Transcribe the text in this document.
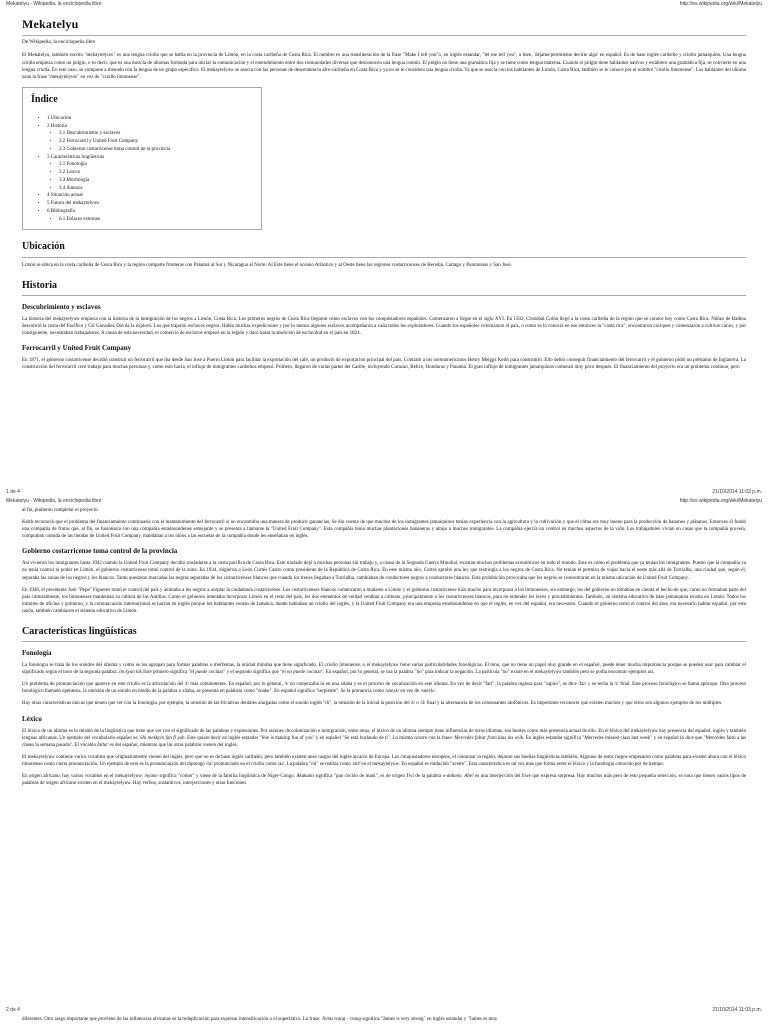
Mekatelyu - Wikipedia, la enciclopedia libre	http://es.wikipedia.org/wiki/Mekatelyu
Mekatelyu
De Wikipedia, la enciclopedia libre

El Mekatelyu, también escrito "mekaytelyuw" es una lengua criolla que se habla en la provincia de Limón, en la costa caribeña de Costa Rica. El nombre es una transliteración de la frase "Make I tell you"o, en inglés estandar, "let me tell you", o bien, 'déjame/permíteme decirte algo' en español. Es de base inglés caribeño y criollo jamaiquino. Una lengua criolla empieza como un pidgin, o es decir, que es una mezcla de idiomas formada para iniciar la comunicación y el entendimiento entre dos comunidades diversas que desconocen una lengua común. El pidgin no tiene una gramática fija y se tiene como lengua materna. Cuando el pidgin tiene hablantes nativos y establece una gramática fija, se convierte en una lengua criolla. En este caso, se compone a menudo con la lengua de un grupo específico. El mekaytelyuw se asocia con las personas de descendencia afro-caribeña en Costa Rica y ya no se le considera una lengua criolla. Ya que se asocia con los habitantes de Limón, Costa Rica, también se le conoce por el nombre "criollo limonense". Los hablantes del idioma usan la frase "mekaytelyuw" en vez de "criollo limonense".

Índice
• 1 Ubicación
• 2 Historia
• 2.1 Descubrimiento y esclavos
• 2.2 Ferrocarril y United Fruit Company
• 2.3 Gobierno costarricense toma control de la provincia
• 3 Características lingüísticas
• 3.1 Fonología
• 3.2 Léxico
• 3.3 Morfología
• 3.4 Sintaxis
• 4 Situación actual
• 5 Futuro del mekaytelyuw
• 6 Bibliografía
• 6.1 Enlaces externos
Ubicación

Limón se ubica en la costa caribeña de Costa Rica y la región comparte fronteras con Panamá al Sur y Nicaragua al Norte. Al Este tiene el océano Atlántico y al Oeste tiene las regiones costarricenses de Heredia, Cartago y Puntarenas y San José.

Historia
Descubrimiento y esclavos

La historia del mekaytelyuw empieza con la historia de la inmigración de los negros a Limón, Costa Rica. Los primeros negros de Costa Rica llegaron como esclavos con los conquistadores españoles. Comenzaron a llegar en el siglo XVI. En 1502, Cristóbal Colón llegó a la costa caribeña de la región que se conoce hoy como Costa Rica. Núñez de Balboa descubrió la costa del Pacífico y Gil González Dávila la exploró. Los que trajeron esclavos negros. Había muchas expediciones y por lo menos algunos esclavos acompañaron a cada todos los exploradores. Cuando los españoles colonizaron el país, o como se la conocía en ese entonces la "costa rica", encontraron caciques y comenzaron a cultivar cacao, y por consiguiente, necesitaban trabajadores. A causa de esta necesidad, el comercio de esclavos empezó en la región y duró hasta la abolición de esclavitud en el país en 1824.

Ferrocarril y United Fruit Company

En 1871, el gobierno costarricense decidió construir un ferrocarril que iba desde San José a Puerto Limón para facilitar la exportación del café, un producto de exportación principal del país. Contrató a los norteamericanos Henry Meiggs Keith para construirlo. Ello debió conseguir financiamiento del ferrocarril y el gobierno pidió un préstamo de Inglaterra. La construcción del ferrocarril creó trabajo para muchas personas y, como ésto hacía, el influjo de inmigrantes caribeños empezó. Primero, llegaron de varias partes del Caribe, incluyendo Curazao, Belice, Honduras y Panamá. El gran influjo de inmigrantes jamaiquinos comenzó muy poco después. El financiamiento del proyecto era un problema continuo, pero

1 de 4	21/10/2014 11:03 p.m.
Mekatelyu - Wikipedia, la enciclopedia libre	http://es.wikipedia.org/wiki/Mekatelyu

al fin, pudieron completar el proyecto.

Keith reconoció que el problema del financiamiento continuaría con el mantenimiento del ferrocarril si no encontraba una manera de producir ganancias. Se dio cuenta de que muchos de los inmigrantes jamaiquinos tenían experiencia con la agricultura y la cultivación y que el clima era muy bueno para la producción de bananos y plátanos. Entonces él fundó una compañía de frutas que, al fin, se fusionaría con una compañía estadounidense semejante y se presenta a llamarse la "United Fruit Company". Esta compañía tenía muchas plantaciones bananeras y atrajo a muchos inmigrantes. La compañía ejercía un control en muchos aspectos de la vida. Los trabajadores vivían en casas que la compañía proveía, compraban comida de las tiendas de United Fruit Company, mandaban a los niños a las escuelas de la compañía donde les enseñaban en inglés.

Gobierno costarricense toma control de la provincia

Así vivieron los inmigrantes hasta 1942 cuando la United Fruit Company decidió trasladarse a la costa pacífica de Costa Rica. Este traslado dejó a muchas personas sin trabajo y, a causa de la Segunda Guerra Mundial, existían muchos problemas económicos en todo el mundo. Este es como el problema que ya tenían los inmigrantes. Puesto que la compañía ya no tenía control ni poder en Limón, el gobierno costarricense tomó control de la zona. En 1934, eligieron a León Cortés Castro como presidente de la República de Costa Rica. En este mismo año, Cortés aprobó una ley que restringía a los negros de Costa Rica. No tenían el permiso de viajar hacia el oeste más allá de Turrialba, una ciudad que, según él, separaba las zonas de los negros y los blancos. Tanto quedaron marcadas las negras separadas de los costarricenses blancos que cuando los trenes llegaban a Turrialba, cambiaban de conductores negros a conductores blancos. Esta prohibición provocaba que los negros se concentraran en la misma ubicación de United Fruit Company.

En 1948, el presidente José "Pepe" Figueres tomó el control del país y animaba a los negros a aceptar la ciudadanía costarricense. Los costarricenses blancos comenzaron a mudarse a Limón y el gobierno costarricense hizo mucho para incorporar a los limonenses, sin embargo, los del gobierno no tomaban en cuenta el hecho de que, como no formaban parte del país culturalmente, los limonenses mantenían su cultura de las Antillas. Como el gobierno intentaba incorporar Limón en el resto del país, los dos elementos de verdad vendían a culturas, principalmente a los costarricenses blancos, para no entender los leyes y procedimientos. También, un sistema educativo de base jamaiquina existía en Limón. Todos los trámites de oficina y gobierno, y la comunicación internacional se hacían en inglés porque los habitantes venían de Jamaica, donde hablaban un criollo del inglés, y la United Fruit Company era una empresa estadounidense en que el inglés, en vez del español, era necesario. Cuando el gobierno tomó el control del área, era necesario hablar español, por esta razón, también cambiaron el sistema educativo de Limón.

Características lingüísticas
Fonología

La fonología se trata de los sonidos del idioma y como se los agrupan para formar palabras o morfemas, la unidad mínima que tiene significado. El criollo limonense, o el mekaytelyuw tiene varias particularidades fonológicas. El tono, que no tiene un papel muy grande en el español, puede tener mucha importancia porque se pueden usar para cambiar el significado según el tono de la segunda palabra. im kyan kik Este primero significa "él puede cocinar" y el segundo significa que "él no puede cocinar". En español, por lo general, se usa la palabra "no" para indicar la negación. La partícula "no" existe en el mekaytelyuw también pero se podía encontrar ejemplos así.

Un problema de pronunciación que aparece en este criollo es la articulación del /t/ más comúnmente. En español, por lo general, /t/ no comenzaba ni en una sílaba y es el proceso de vocalización en este idioma. En vez de decir "fart", la palabra inglesa para "sapito", se dice /far/ y se techa la /t/ final. Este proceso fonológico se llama apócope. Otro proceso fonológico llamado epéntesis, la omisión de un sonido en medio de la palabra o sílaba, se presenta en palabras como "snake". En español significa "serpiente". Se la pronuncia como /sneyk/ en vez de /sneyk/.

Hay otras características únicas que tienen que ver con la fonología, por ejemplo, la omisión de las fricativas dentales alargadas como el sonido inglés "th", la omisión de la inicial la posición del /t/ o /d/ final y la alternancia de los consonantes alofónicos. Es importante reconocer que existen muchos y que otros son algunos ejemplos de los múltiples.

Léxico

El léxico de un idioma es lo mismo de la lingüística que tiene que ver con el significado de las palabras y expresiones. Por razones de colonización e inmigración, entre otras, el léxico de un idioma siempre tiene influencias de otros idiomas, sea fuertes como más presencia actual de ello. En el léxico del mekaytelyuw hay presencia del español, inglés y también lenguas africanas. Un ejemplo del vocabulario español es: Shi mekkyin fan fi yuh. Este quiere decir en inglés estandar "She is making fun of you" y en español "Se está burlando de ti". Lo mismo ocurre con la frase: Mercedes faltar fram klas las wiik. En inglés estandar significa "Mercedes missed class last week" y en español lo dice que "Mercedes faltó a las clases la semana pasada". El vocablo faltar es del español, mientras que las otras palabras vienen del inglés.

El mekaytelyuw contiene varios vocablos que originariamente vienen del inglés, pero que no es de base inglés caribeño, pero también existen unos rasgos del inglés arcaico de Europa. Los conquistadores europeos, el colonizar la región, dejaron sus huellas lingüísticas también. Algunos de estos rasgos empezaron como palabras para existen ahora con el léxico limonense como cierta pronunciación. Un ejemplo de esto es la pronunciación del diptongo /oi/ pronunciado en el criollo como /ai/. La palabra "oil" se realiza como /ail/ en el mekaytelyuw. En español es traducido "aceite". Esta característica es tal vez más que forma entre el léxico y la fonología conocido por de tiempo.

En origen africano, hay varios vocablos en el mekaytelyuw. /nyam/ significa "comer" y viene de la familia lingüística de Níger-Congo. Akukumi significa "pan cocido de maní", es de origen Twi de la palabra o-dokono. Ahe! es una interjección del Ewe que expresa sorpresa. Hay muchos más pero de esto pequeña selección, se nota que tienen varios tipos de palabras de origen africano existen en el mekaytelyuw. Hay verbos, sustantivos, interjecciones y otras funciones

2 de 4	21/10/2014 11:03 p.m.

diferentes. Otro rasgo importante que proviene de las influencias africanas es la reduplicación para expresar intensificación o el superlativo. La frase: Jiemz trang – trang significa "James is very strong" en inglés estandar y "James es muy
